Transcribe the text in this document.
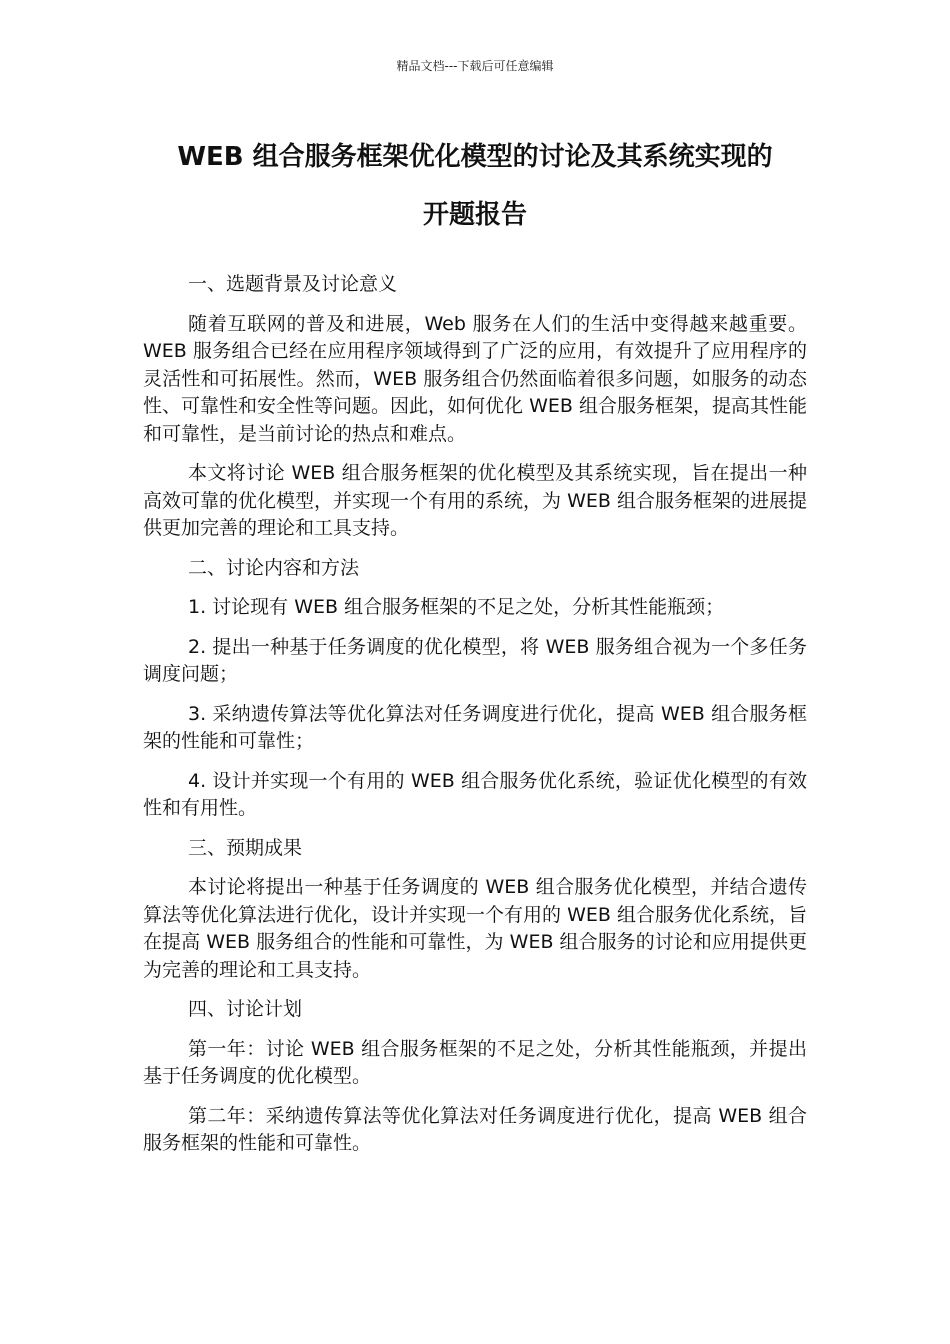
精品文档---下载后可任意编辑
WEB 组合服务框架优化模型的讨论及其系统实现的
开题报告

一、选题背景及讨论意义

随着互联网的普及和进展，Web 服务在人们的生活中变得越来越重要。WEB 服务组合已经在应用程序领域得到了广泛的应用，有效提升了应用程序的灵活性和可拓展性。然而，WEB 服务组合仍然面临着很多问题，如服务的动态性、可靠性和安全性等问题。因此，如何优化 WEB 组合服务框架，提高其性能和可靠性，是当前讨论的热点和难点。

本文将讨论 WEB 组合服务框架的优化模型及其系统实现，旨在提出一种高效可靠的优化模型，并实现一个有用的系统，为 WEB 组合服务框架的进展提供更加完善的理论和工具支持。

二、讨论内容和方法

1. 讨论现有 WEB 组合服务框架的不足之处，分析其性能瓶颈；

2. 提出一种基于任务调度的优化模型，将 WEB 服务组合视为一个多任务调度问题；

3. 采纳遗传算法等优化算法对任务调度进行优化，提高 WEB 组合服务框架的性能和可靠性；

4. 设计并实现一个有用的 WEB 组合服务优化系统，验证优化模型的有效性和有用性。

三、预期成果

本讨论将提出一种基于任务调度的 WEB 组合服务优化模型，并结合遗传算法等优化算法进行优化，设计并实现一个有用的 WEB 组合服务优化系统，旨在提高 WEB 服务组合的性能和可靠性，为 WEB 组合服务的讨论和应用提供更为完善的理论和工具支持。

四、讨论计划

第一年：讨论 WEB 组合服务框架的不足之处，分析其性能瓶颈，并提出基于任务调度的优化模型。

第二年：采纳遗传算法等优化算法对任务调度进行优化，提高 WEB 组合服务框架的性能和可靠性。
